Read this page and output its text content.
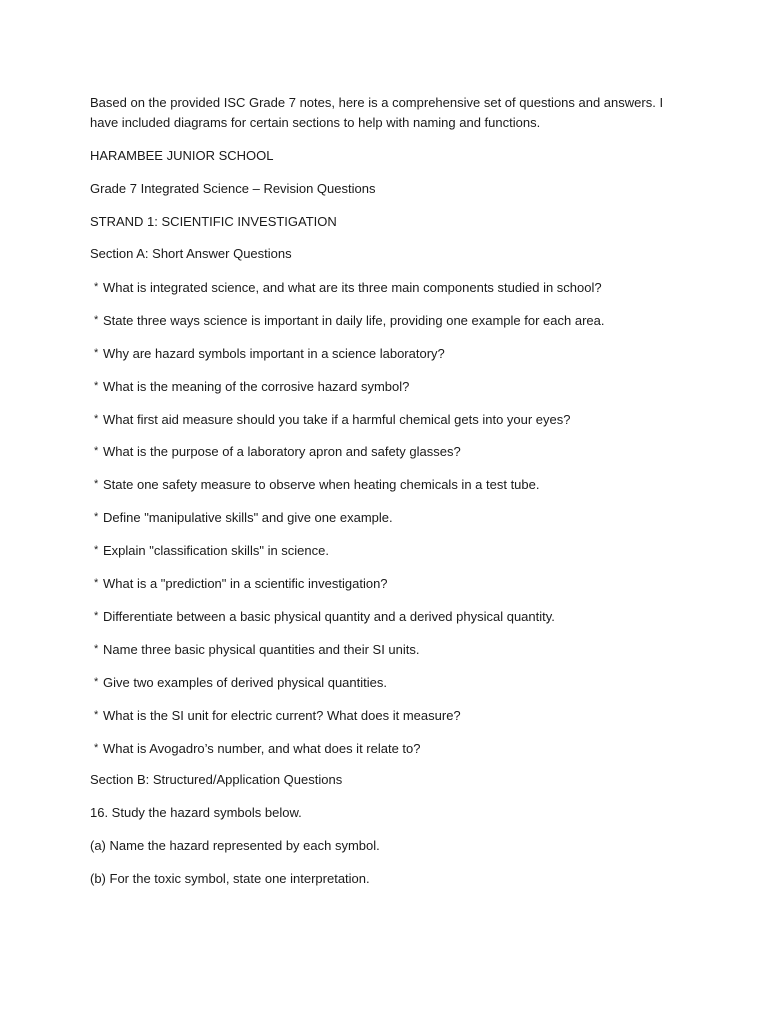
Based on the provided ISC Grade 7 notes, here is a comprehensive set of questions and answers. I have included diagrams for certain sections to help with naming and functions.

HARAMBEE JUNIOR SCHOOL

Grade 7 Integrated Science – Revision Questions

STRAND 1: SCIENTIFIC INVESTIGATION

Section A: Short Answer Questions

* What is integrated science, and what are its three main components studied in school?

* State three ways science is important in daily life, providing one example for each area.

* Why are hazard symbols important in a science laboratory?

* What is the meaning of the corrosive hazard symbol?

* What first aid measure should you take if a harmful chemical gets into your eyes?

* What is the purpose of a laboratory apron and safety glasses?

* State one safety measure to observe when heating chemicals in a test tube.

* Define "manipulative skills" and give one example.

* Explain "classification skills" in science.

* What is a "prediction" in a scientific investigation?

* Differentiate between a basic physical quantity and a derived physical quantity.

* Name three basic physical quantities and their SI units.

* Give two examples of derived physical quantities.

* What is the SI unit for electric current? What does it measure?

* What is Avogadro’s number, and what does it relate to?

Section B: Structured/Application Questions

16. Study the hazard symbols below.

(a) Name the hazard represented by each symbol.

(b) For the toxic symbol, state one interpretation.
